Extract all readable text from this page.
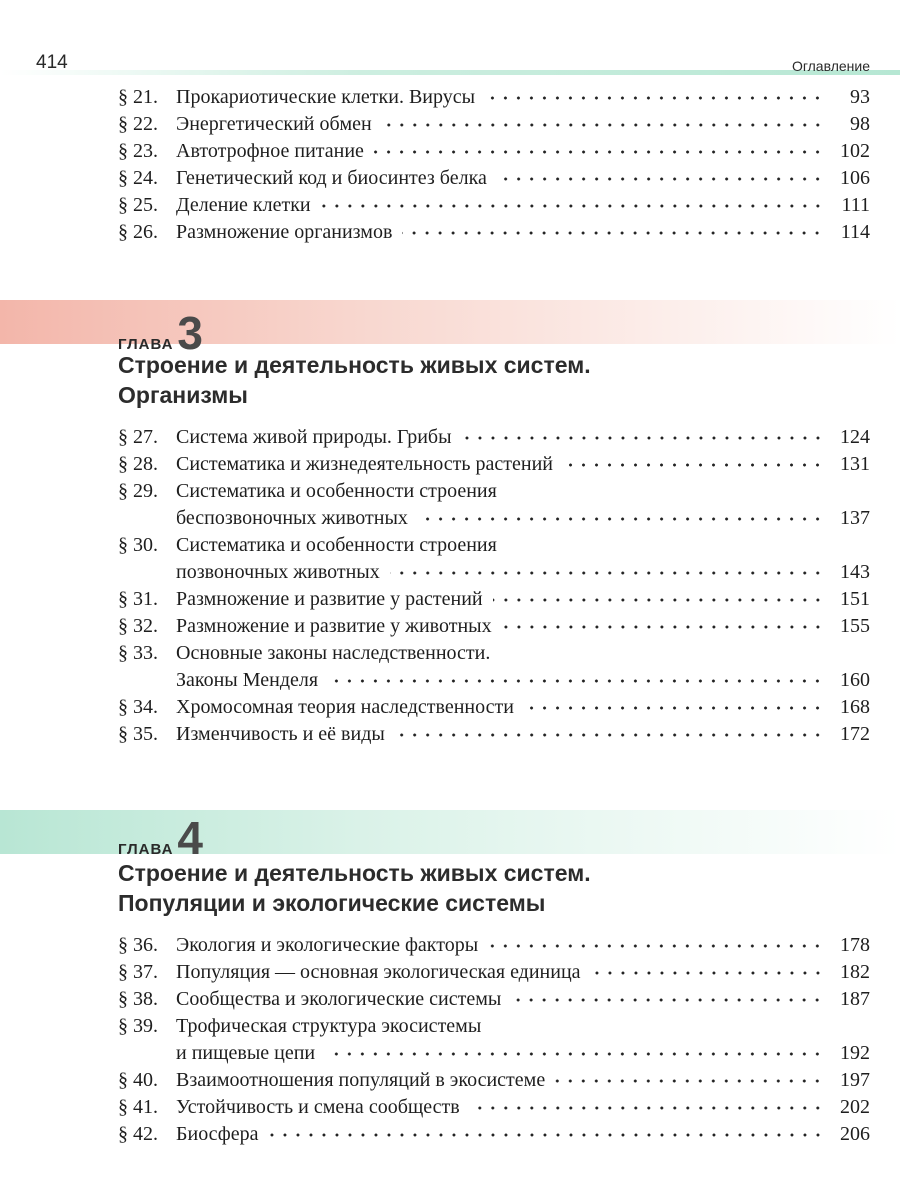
414	Оглавление
§ 21. Прокариотические клетки. Вирусы	93
§ 22. Энергетический обмен	98
§ 23. Автотрофное питание	102
§ 24. Генетический код и биосинтез белка	106
§ 25. Деление клетки	111
§ 26. Размножение организмов	114
ГЛАВА3
Строение и деятельность живых систем.
Организмы
§ 27. Система живой природы. Грибы	124
§ 28. Систематика и жизнедеятельность растений	131
§ 29. Систематика и особенности строения
беспозвоночных животных	137
§ 30. Систематика и особенности строения
позвоночных животных	143
§ 31. Размножение и развитие у растений	151
§ 32. Размножение и развитие у животных	155
§ 33. Основные законы наследственности.
Законы Менделя	160
§ 34. Хромосомная теория наследственности	168
§ 35. Изменчивость и её виды	172
ГЛАВА4
Строение и деятельность живых систем.
Популяции и экологические системы
§ 36. Экология и экологические факторы	178
§ 37. Популяция — основная экологическая единица	182
§ 38. Сообщества и экологические системы	187
§ 39. Трофическая структура экосистемы
и пищевые цепи	192
§ 40. Взаимоотношения популяций в экосистеме	197
§ 41. Устойчивость и смена сообществ	202
§ 42. Биосфера	206
